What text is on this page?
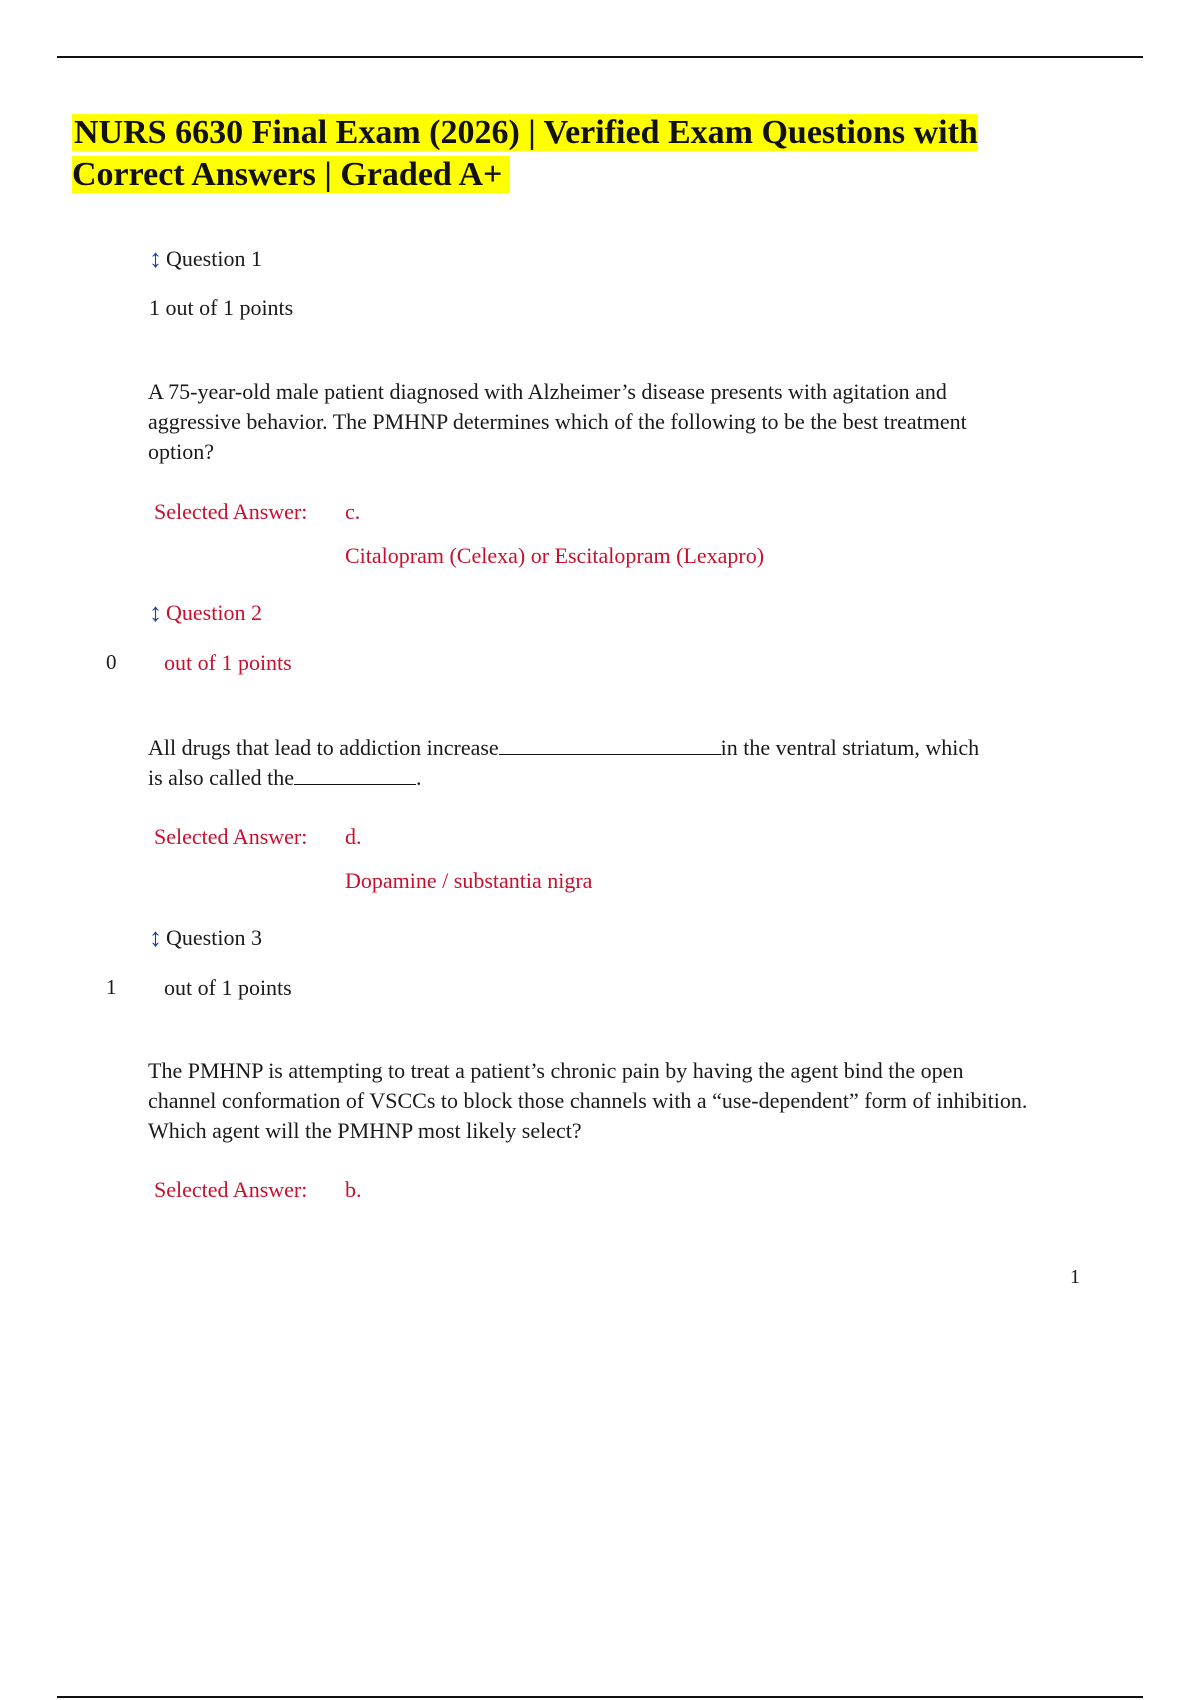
NURS 6630 Final Exam (2026) | Verified Exam Questions with Correct Answers | Graded A+
↕ Question 1
1 out of 1 points
A 75-year-old male patient diagnosed with Alzheimer’s disease presents with agitation and aggressive behavior. The PMHNP determines which of the following to be the best treatment option?
Selected Answer: c.
Citalopram (Celexa) or Escitalopram (Lexapro)
↕ Question 2
0 out of 1 points
All drugs that lead to addiction increase	in the ventral striatum, which is also called the	.
Selected Answer: d.
Dopamine / substantia nigra
↕ Question 3
1 out of 1 points
The PMHNP is attempting to treat a patient’s chronic pain by having the agent bind the open channel conformation of VSCCs to block those channels with a “use-dependent” form of inhibition. Which agent will the PMHNP most likely select?
Selected Answer: b.
1
